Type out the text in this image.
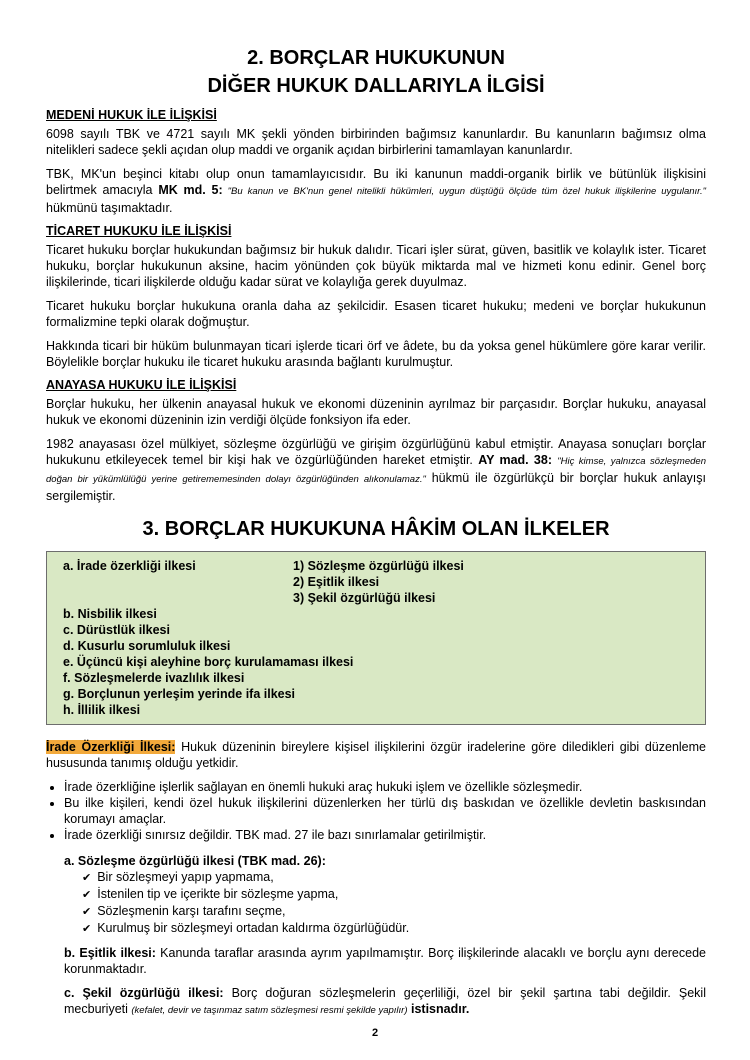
2. BORÇLAR HUKUKUNUN
DİĞER HUKUK DALLARIYLA İLGİSİ
MEDENİ HUKUK İLE İLİŞKİSİ

6098 sayılı TBK ve 4721 sayılı MK şekli yönden birbirinden bağımsız kanunlardır. Bu kanunların bağımsız olma nitelikleri sadece şekli açıdan olup maddi ve organik açıdan birbirlerini tamamlayan kanunlardır.

TBK, MK'un beşinci kitabı olup onun tamamlayıcısıdır. Bu iki kanunun maddi-organik birlik ve bütünlük ilişkisini belirtmek amacıyla MK md. 5: "Bu kanun ve BK'nun genel nitelikli hükümleri, uygun düştüğü ölçüde tüm özel hukuk ilişkilerine uygulanır." hükmünü taşımaktadır.

TİCARET HUKUKU İLE İLİŞKİSİ

Ticaret hukuku borçlar hukukundan bağımsız bir hukuk dalıdır. Ticari işler sürat, güven, basitlik ve kolaylık ister. Ticaret hukuku, borçlar hukukunun aksine, hacim yönünden çok büyük miktarda mal ve hizmeti konu edinir. Genel borç ilişkilerinde, ticari ilişkilerde olduğu kadar sürat ve kolaylığa gerek duyulmaz.

Ticaret hukuku borçlar hukukuna oranla daha az şekilcidir. Esasen ticaret hukuku; medeni ve borçlar hukukunun formalizmine tepki olarak doğmuştur.

Hakkında ticari bir hüküm bulunmayan ticari işlerde ticari örf ve âdete, bu da yoksa genel hükümlere göre karar verilir. Böylelikle borçlar hukuku ile ticaret hukuku arasında bağlantı kurulmuştur.

ANAYASA HUKUKU İLE İLİŞKİSİ

Borçlar hukuku, her ülkenin anayasal hukuk ve ekonomi düzeninin ayrılmaz bir parçasıdır. Borçlar hukuku, anayasal hukuk ve ekonomi düzeninin izin verdiği ölçüde fonksiyon ifa eder.

1982 anayasası özel mülkiyet, sözleşme özgürlüğü ve girişim özgürlüğünü kabul etmiştir. Anayasa sonuçları borçlar hukukunu etkileyecek temel bir kişi hak ve özgürlüğünden hareket etmiştir. AY mad. 38: "Hiç kimse, yalnızca sözleşmeden doğan bir yükümlülüğü yerine getirememesinden dolayı özgürlüğünden alıkonulamaz." hükmü ile özgürlükçü bir borçlar hukuk anlayışı sergilemiştir.

3. BORÇLAR HUKUKUNA HÂKİM OLAN İLKELER
a. İrade özerkliği ilkesi	1) Sözleşme özgürlüğü ilkesi
2) Eşitlik ilkesi
3) Şekil özgürlüğü ilkesi
b. Nisbilik ilkesi
c. Dürüstlük ilkesi
d. Kusurlu sorumluluk ilkesi
e. Üçüncü kişi aleyhine borç kurulamaması ilkesi
f. Sözleşmelerde ivazlılık ilkesi
g. Borçlunun yerleşim yerinde ifa ilkesi
h. İllilik ilkesi

İrade Özerkliği İlkesi: Hukuk düzeninin bireylere kişisel ilişkilerini özgür iradelerine göre diledikleri gibi düzenleme hususunda tanımış olduğu yetkidir.

• İrade özerkliğine işlerlik sağlayan en önemli hukuki araç hukuki işlem ve özellikle sözleşmedir.
• Bu ilke kişileri, kendi özel hukuk ilişkilerini düzenlerken her türlü dış baskıdan ve özellikle devletin baskısından korumayı amaçlar.
• İrade özerkliği sınırsız değildir. TBK mad. 27 ile bazı sınırlamalar getirilmiştir.
a. Sözleşme özgürlüğü ilkesi (TBK mad. 26):
✔ Bir sözleşmeyi yapıp yapmama,
✔ İstenilen tip ve içerikte bir sözleşme yapma,
✔ Sözleşmenin karşı tarafını seçme,
✔ Kurulmuş bir sözleşmeyi ortadan kaldırma özgürlüğüdür.
b. Eşitlik ilkesi: Kanunda taraflar arasında ayrım yapılmamıştır. Borç ilişkilerinde alacaklı ve borçlu aynı derecede korunmaktadır.
c. Şekil özgürlüğü ilkesi: Borç doğuran sözleşmelerin geçerliliği, özel bir şekil şartına tabi değildir. Şekil mecburiyeti (kefalet, devir ve taşınmaz satım sözleşmesi resmi şekilde yapılır) istisnadır.
2
